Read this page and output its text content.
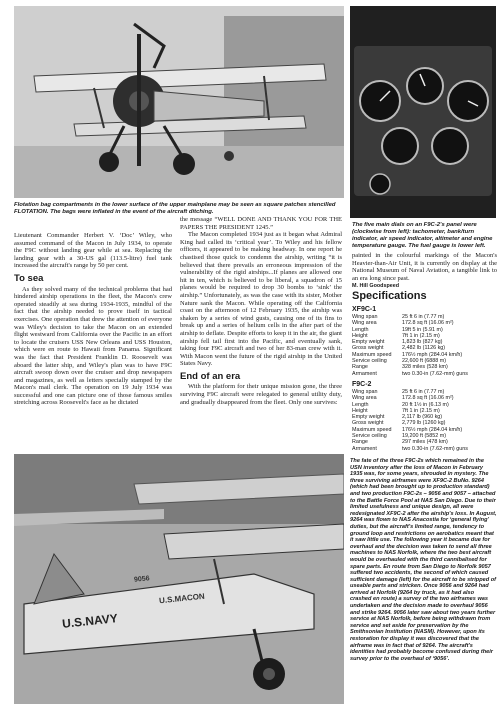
Flotation bag compartments in the lower surface of the upper mainplane may be seen as square patches stencilled FLOTATION. The bags were inflated in the event of the aircraft ditching.

The five main dials on an F9C-2's panel were (clockwise from left): tachometer, bank/turn indicator, air speed indicator, altimeter and engine temperature gauge. The fuel gauge is lower left.

Lieutenant Commander Herbert V. ‘Doc’ Wiley, who assumed command of the Macon in July 1934, to operate the F9C without landing gear while at sea. Replacing the landing gear with a 30-US gal (113.5-litre) fuel tank increased the aircraft's range by 50 per cent.

To sea

As they solved many of the technical problems that had hindered airship operations in the fleet, the Macon's crew operated steadily at sea during 1934-1935, mindful of the fact that the airship needed to prove itself in tactical exercises. One operation that drew the attention of everyone was Wiley's decision to take the Macon on an extended flight westward from California over the Pacific in an effort to locate the cruisers USS New Orleans and USS Houston, which were en route to Hawaii from Panama. Significant was the fact that President Franklin D. Roosevelt was aboard the latter ship, and Wiley's plan was to have F9C aircraft swoop down over the cruiser and drop newspapers and magazines, as well as letters specially stamped by the Macon's mail clerk. The operation on 19 July 1934 was successful and one can picture one of those famous smiles stretching across Roosevelt's face as he dictated

the message “WELL DONE AND THANK YOU FOR THE PAPERS THE PRESIDENT 1245.”

The Macon completed 1934 just as it began what Admiral King had called its ‘critical year’. To Wiley and his fellow officers, it appeared to be making headway. In one report he chastised those quick to condemn the airship, writing “it is believed that there prevails an erroneous impression of the vulnerability of the rigid airships...If planes are allowed one hit in ten, which is believed to be liberal, a squadron of 15 planes would be required to drop 30 bombs to ‘sink’ the airship.” Unfortunately, as was the case with its sister, Mother Nature sank the Macon. While operating off the California coast on the afternoon of 12 February 1935, the airship was shaken by a series of wind gusts, causing one of its fins to break up and a series of helium cells in the after part of the airship to deflate. Despite efforts to keep it in the air, the giant airship fell tail first into the Pacific, and eventually sank, taking four F9C aircraft and two of her 83-man crew with it. With Macon went the future of the rigid airship in the United States Navy.

End of an era

With the platform for their unique mission gone, the three surviving F9C aircraft were relegated to general utility duty, and gradually disappeared from the fleet. Only one survives:

painted in the colourful markings of the Macon's Heavier-than-Air Unit, it is currently on display at the National Museum of Naval Aviation, a tangible link to an era long since past.

M. Hill Goodspeed

Specifications
XF9C-1
Wing span	25 ft 6 in (7.77 m)
Wing area	172.8 sq ft (16.06 m²)
Length	19ft 5 in (5.91 m)
Height	7ft 1 in (2.15 m)
Empty weight	1,823 lb (827 kg)
Gross weight	2,482 lb (1126 kg)
Maximum speed	176½ mph (284.04 km/h)
Service ceiling	22,600 ft (6888 m)
Range	328 miles (528 km)
Armament	two 0.30-in (7.62-mm) guns
F9C-2
Wing span	25 ft 6 in (7.77 m)
Wing area	172.8 sq ft (16.06 m²)
Length	20 ft 1½ in (6.13 m)
Height	7ft 1 in (2.15 m)
Empty weight	2,117 lb (960 kg)
Gross weight	2,779 lb (1260 kg)
Maximum speed	176½ mph (284.04 km/h)
Service ceiling	19,200 ft (5852 m)
Range	297 miles (478 km)
Armament	two 0.30-in (7.62-mm) guns
U.S.NAVY
U.S.MACON
9056

The fate of the three F9C-2s which remained in the USN inventory after the loss of Macon in February 1935 was, for some years, shrouded in mystery. The three surviving airframes were XF9C-2 BuNo. 9264 (which had been brought up to production standard) and two production F9C-2s – 9056 and 9057 – attached to the Battle Force Pool at NAS San Diego. Due to their limited usefulness and unique design, all were redesignated XF9C-2 after the airship's loss. In August, 9264 was flown to NAS Anacostia for ‘general flying’ duties, but the aircraft's limited range, tendency to ground loop and restrictions on aerobatics meant that it saw little use. The following year it became due for overhaul and the decision was taken to send all three machines to NAS Norfolk, where the two best aircraft would be overhauled with the third cannibalised for spare parts. En route from San Diego to Norfolk 9057 suffered two accidents, the second of which caused sufficient damage (left) for the aircraft to be stripped of useable parts and stricken. Once 9056 and 9264 had arrived at Norfolk (9264 by truck, as it had also crashed en route) a survey of the two airframes was undertaken and the decision made to overhaul 9056 and strike 9264. 9056 later saw about two years further service at NAS Norfolk, before being withdrawn from service and set aside for preservation by the Smithsonian Institution (NASM). However, upon its restoration for display it was discovered that the airframe was in fact that of 9264. The aircraft's identities had probably become confused during their survey prior to the overhaul of ‘9056’.
